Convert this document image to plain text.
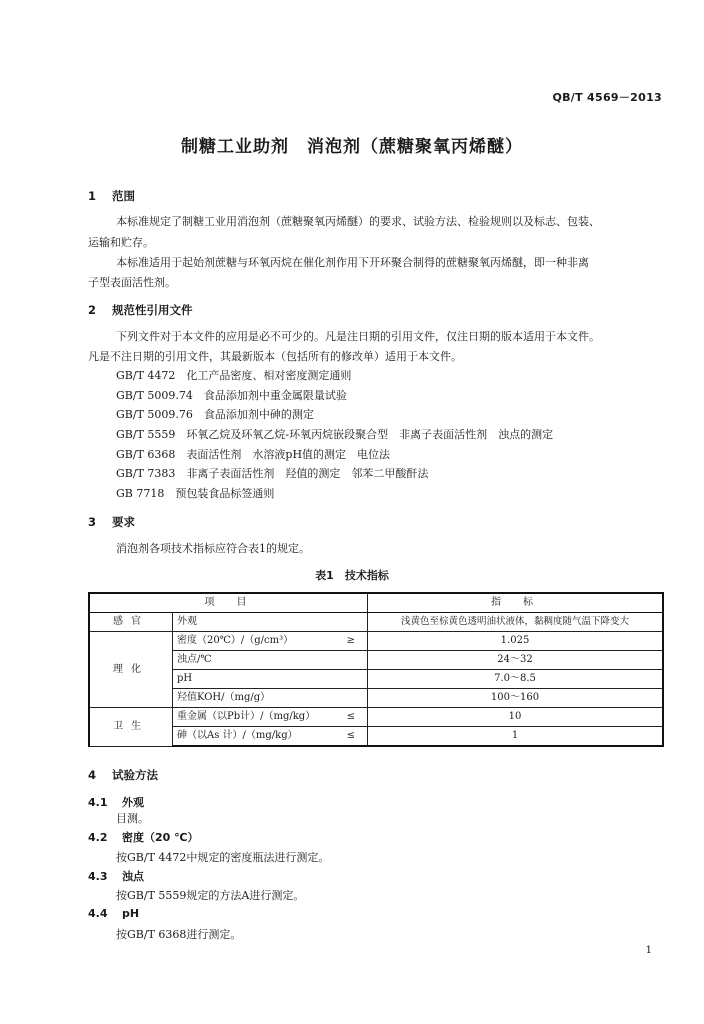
QB/T 4569－2013
制糖工业助剂　消泡剂（蔗糖聚氧丙烯醚）
1 范围
本标准规定了制糖工业用消泡剂（蔗糖聚氧丙烯醚）的要求、试验方法、检验规则以及标志、包装、
运输和贮存。
本标准适用于起始剂蔗糖与环氧丙烷在催化剂作用下开环聚合制得的蔗糖聚氧丙烯醚，即一种非离
子型表面活性剂。
2 规范性引用文件
下列文件对于本文件的应用是必不可少的。凡是注日期的引用文件，仅注日期的版本适用于本文件。
凡是不注日期的引用文件，其最新版本（包括所有的修改单）适用于本文件。
GB/T 4472　化工产品密度、相对密度测定通则
GB/T 5009.74　食品添加剂中重金属限量试验
GB/T 5009.76　食品添加剂中砷的测定
GB/T 5559　环氧乙烷及环氧乙烷-环氧丙烷嵌段聚合型　非离子表面活性剂　浊点的测定
GB/T 6368　表面活性剂　水溶液pH值的测定　电位法
GB/T 7383　非离子表面活性剂　羟值的测定　邻苯二甲酸酐法
GB 7718　预包装食品标签通则
3 要求
消泡剂各项技术指标应符合表1的规定。
表1　技术指标
项　目		指　标
感官	外观	浅黄色至棕黄色透明油状液体，黏稠度随气温下降变大
理化	密度（20℃）/（g/cm³） ≥	1.025
	浊点/℃	24～32
	pH	7.0～8.5
	羟值KOH/（mg/g）	100～160
卫生	重金属（以Pb计）/（mg/kg） ≤	10
	砷（以As 计）/（mg/kg） ≤	1
4 试验方法
4.1 外观
目测。
4.2 密度（20 ℃）
按GB/T 4472中规定的密度瓶法进行测定。
4.3 浊点
按GB/T 5559规定的方法A进行测定。
4.4 pH
按GB/T 6368进行测定。
1
